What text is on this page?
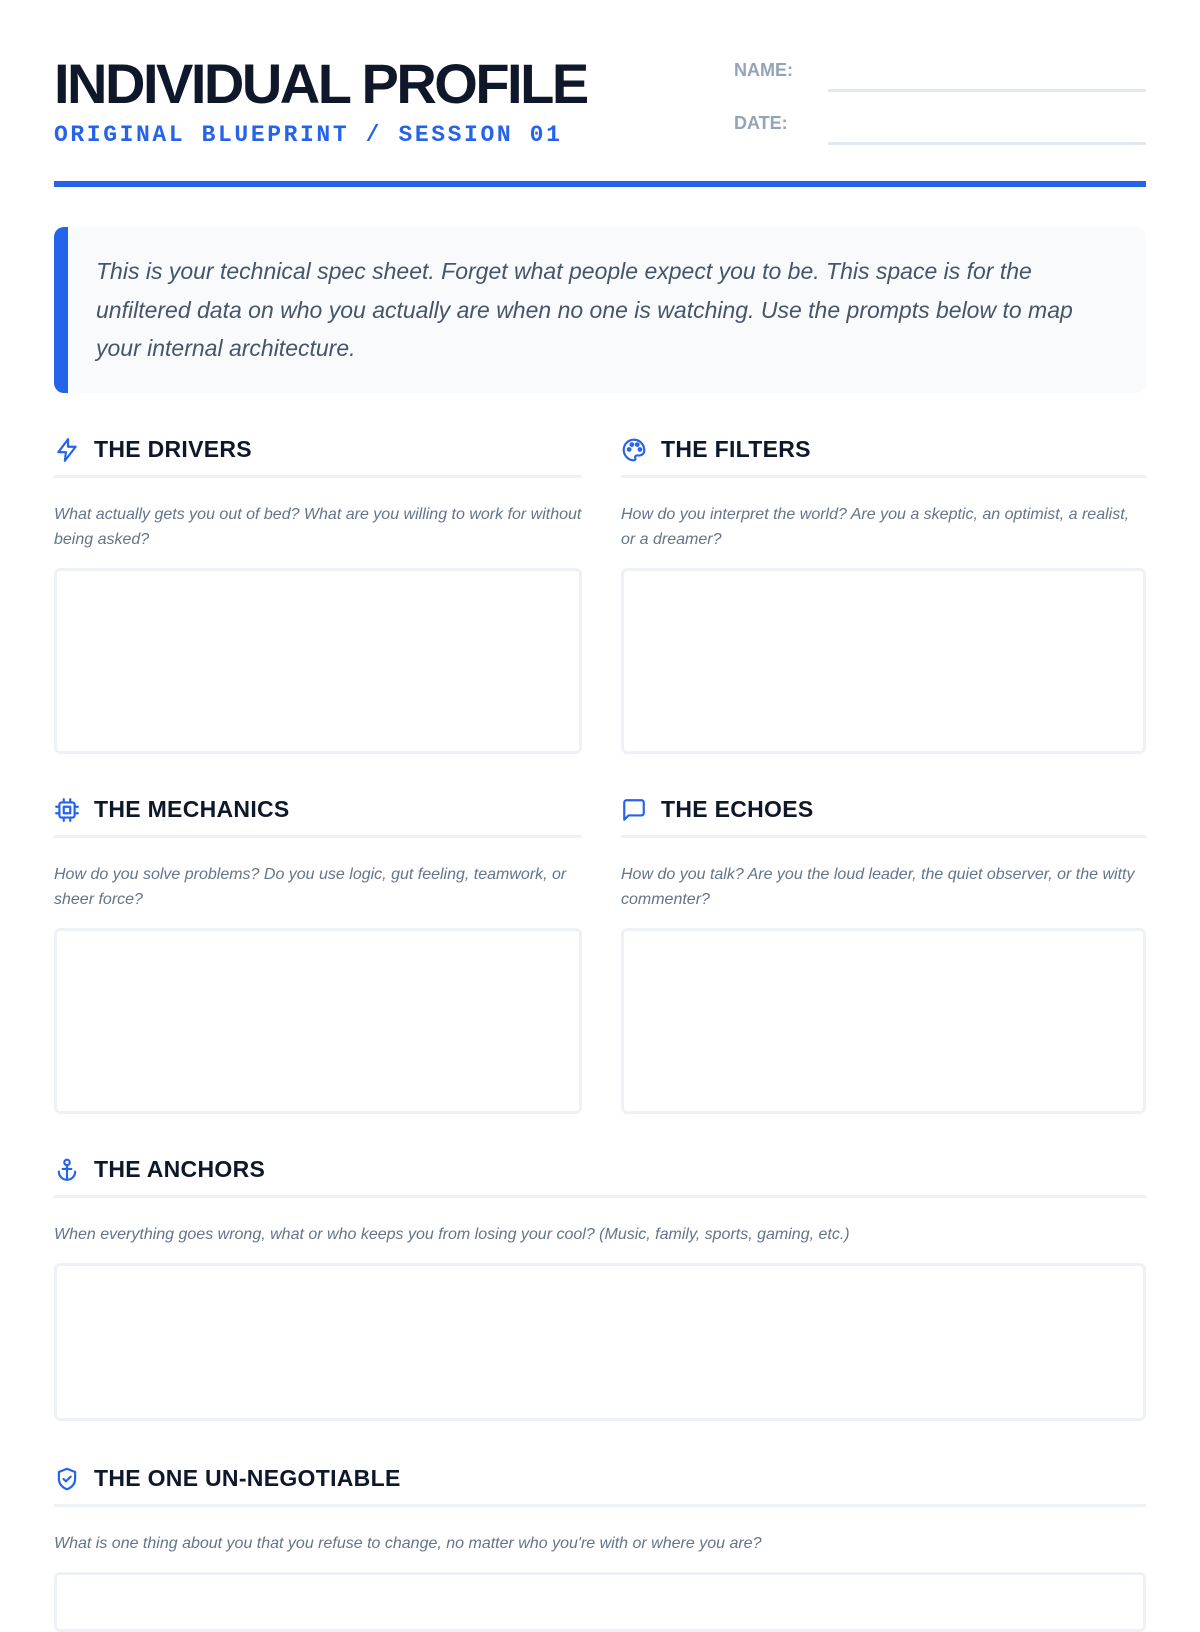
INDIVIDUAL PROFILE
ORIGINAL BLUEPRINT / SESSION 01
NAME:
DATE:

This is your technical spec sheet. Forget what people expect you to be. This space is for the unfiltered data on who you actually are when no one is watching. Use the prompts below to map your internal architecture.

THE DRIVERS

What actually gets you out of bed? What are you willing to work for without being asked?

THE FILTERS

How do you interpret the world? Are you a skeptic, an optimist, a realist, or a dreamer?

THE MECHANICS

How do you solve problems? Do you use logic, gut feeling, teamwork, or sheer force?

THE ECHOES

How do you talk? Are you the loud leader, the quiet observer, or the witty commenter?

THE ANCHORS

When everything goes wrong, what or who keeps you from losing your cool? (Music, family, sports, gaming, etc.)

THE ONE UN-NEGOTIABLE

What is one thing about you that you refuse to change, no matter who you're with or where you are?
